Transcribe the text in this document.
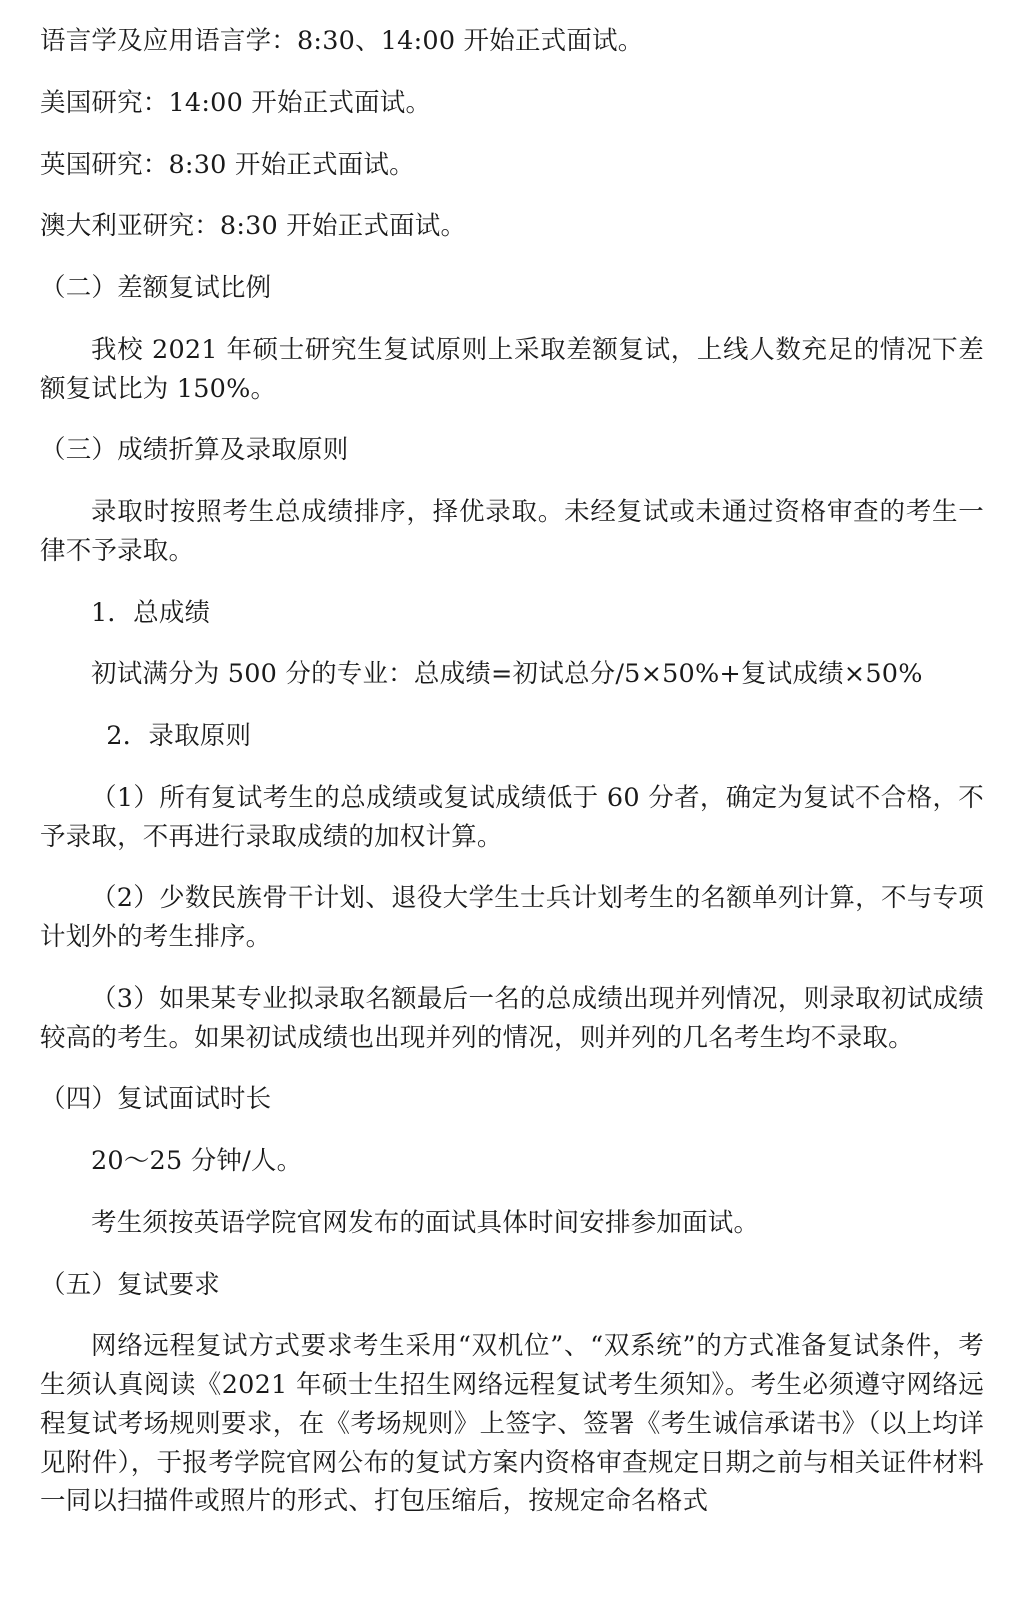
语言学及应用语言学：8:30、14:00 开始正式面试。

美国研究：14:00 开始正式面试。

英国研究：8:30 开始正式面试。

澳大利亚研究：8:30 开始正式面试。

（二）差额复试比例

我校 2021 年硕士研究生复试原则上采取差额复试，上线人数充足的情况下差额复试比为 150%。

（三）成绩折算及录取原则

录取时按照考生总成绩排序，择优录取。未经复试或未通过资格审查的考生一律不予录取。

1．总成绩

初试满分为 500 分的专业：总成绩=初试总分/5×50%+复试成绩×50%

2．录取原则

（1）所有复试考生的总成绩或复试成绩低于 60 分者，确定为复试不合格，不予录取，不再进行录取成绩的加权计算。

（2）少数民族骨干计划、退役大学生士兵计划考生的名额单列计算，不与专项计划外的考生排序。

（3）如果某专业拟录取名额最后一名的总成绩出现并列情况，则录取初试成绩较高的考生。如果初试成绩也出现并列的情况，则并列的几名考生均不录取。

（四）复试面试时长

20～25 分钟/人。

考生须按英语学院官网发布的面试具体时间安排参加面试。

（五）复试要求

网络远程复试方式要求考生采用“双机位”、“双系统”的方式准备复试条件，考生须认真阅读《2021 年硕士生招生网络远程复试考生须知》。考生必须遵守网络远程复试考场规则要求，在《考场规则》上签字、签署《考生诚信承诺书》（以上均详见附件），于报考学院官网公布的复试方案内资格审查规定日期之前与相关证件材料一同以扫描件或照片的形式、打包压缩后，按规定命名格式
